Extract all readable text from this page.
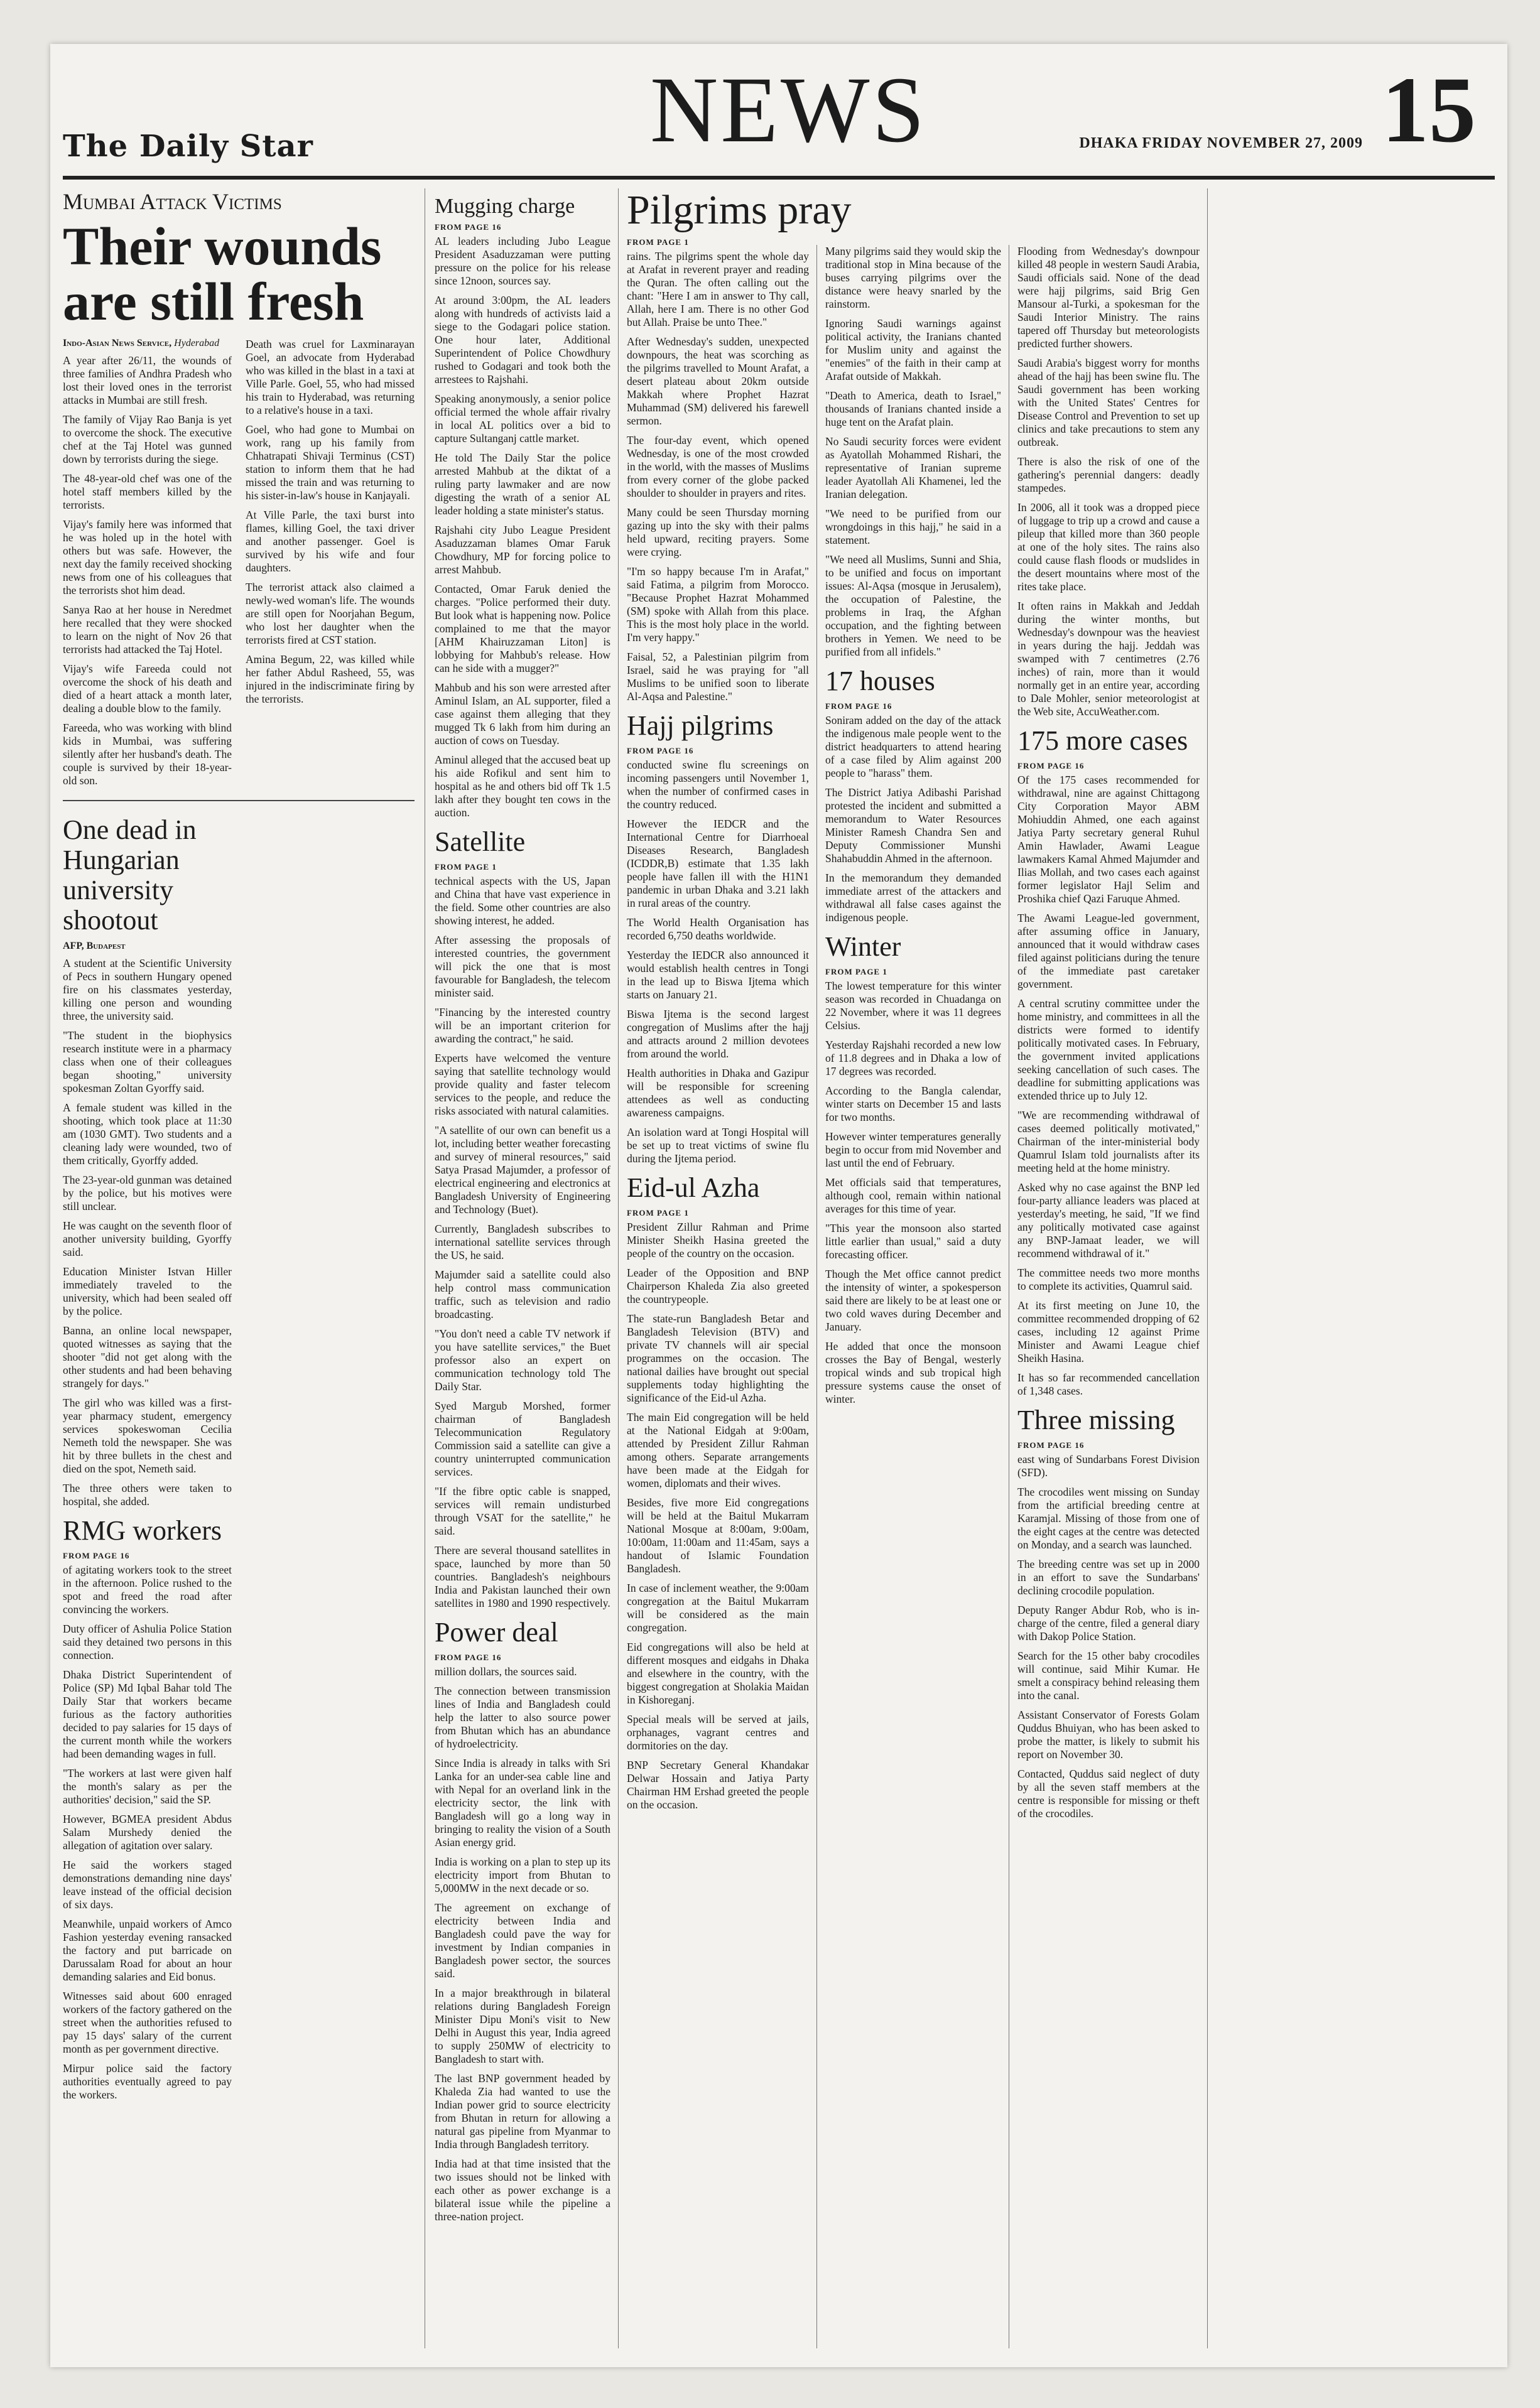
The Daily Star	NEWS	DHAKA FRIDAY NOVEMBER 27, 2009 15
Mumbai Attack Victims
Their wounds are still fresh
Indo-Asian News Service, Hyderabad

A year after 26/11, the wounds of three families of Andhra Pradesh who lost their loved ones in the terrorist attacks in Mumbai are still fresh.

The family of Vijay Rao Banja is yet to overcome the shock. The executive chef at the Taj Hotel was gunned down by terrorists during the siege.

The 48-year-old chef was one of the hotel staff members killed by the terrorists.

Vijay's family here was informed that he was holed up in the hotel with others but was safe. However, the next day the family received shocking news from one of his colleagues that the terrorists shot him dead.

Sanya Rao at her house in Neredmet here recalled that they were shocked to learn on the night of Nov 26 that terrorists had attacked the Taj Hotel.

Vijay's wife Fareeda could not overcome the shock of his death and died of a heart attack a month later, dealing a double blow to the family.

Fareeda, who was working with blind kids in Mumbai, was suffering silently after her husband's death. The couple is survived by their 18-year-old son.

Death was cruel for Laxminarayan Goel, an advocate from Hyderabad who was killed in the blast in a taxi at Ville Parle. Goel, 55, who had missed his train to Hyderabad, was returning to a relative's house in a taxi.

Goel, who had gone to Mumbai on work, rang up his family from Chhatrapati Shivaji Terminus (CST) station to inform them that he had missed the train and was returning to his sister-in-law's house in Kanjayali.

At Ville Parle, the taxi burst into flames, killing Goel, the taxi driver and another passenger. Goel is survived by his wife and four daughters.

The terrorist attack also claimed a newly-wed woman's life. The wounds are still open for Noorjahan Begum, who lost her daughter when the terrorists fired at CST station.

Amina Begum, 22, was killed while her father Abdul Rasheed, 55, was injured in the indiscriminate firing by the terrorists.

One dead in Hungarian university shootout
AFP, Budapest

A student at the Scientific University of Pecs in southern Hungary opened fire on his classmates yesterday, killing one person and wounding three, the university said.

"The student in the biophysics research institute were in a pharmacy class when one of their colleagues began shooting," university spokesman Zoltan Gyorffy said.

A female student was killed in the shooting, which took place at 11:30 am (1030 GMT). Two students and a cleaning lady were wounded, two of them critically, Gyorffy added.

The 23-year-old gunman was detained by the police, but his motives were still unclear.

He was caught on the seventh floor of another university building, Gyorffy said.

Education Minister Istvan Hiller immediately traveled to the university, which had been sealed off by the police.

Banna, an online local newspaper, quoted witnesses as saying that the shooter "did not get along with the other students and had been behaving strangely for days."

The girl who was killed was a first-year pharmacy student, emergency services spokeswoman Cecilia Nemeth told the newspaper. She was hit by three bullets in the chest and died on the spot, Nemeth said.

The three others were taken to hospital, she added.

RMG workers
FROM PAGE 16

of agitating workers took to the street in the afternoon. Police rushed to the spot and freed the road after convincing the workers.

Duty officer of Ashulia Police Station said they detained two persons in this connection.

Dhaka District Superintendent of Police (SP) Md Iqbal Bahar told The Daily Star that workers became furious as the factory authorities decided to pay salaries for 15 days of the current month while the workers had been demanding wages in full.

"The workers at last were given half the month's salary as per the authorities' decision," said the SP.

However, BGMEA president Abdus Salam Murshedy denied the allegation of agitation over salary.

He said the workers staged demonstrations demanding nine days' leave instead of the official decision of six days.

Meanwhile, unpaid workers of Amco Fashion yesterday evening ransacked the factory and put barricade on Darussalam Road for about an hour demanding salaries and Eid bonus.

Witnesses said about 600 enraged workers of the factory gathered on the street when the authorities refused to pay 15 days' salary of the current month as per government directive.

Mirpur police said the factory authorities eventually agreed to pay the workers.

Mugging charge
FROM PAGE 16

AL leaders including Jubo League President Asaduzzaman were putting pressure on the police for his release since 12noon, sources say.

At around 3:00pm, the AL leaders along with hundreds of activists laid a siege to the Godagari police station. One hour later, Additional Superintendent of Police Chowdhury rushed to Godagari and took both the arrestees to Rajshahi.

Speaking anonymously, a senior police official termed the whole affair rivalry in local AL politics over a bid to capture Sultanganj cattle market.

He told The Daily Star the police arrested Mahbub at the diktat of a ruling party lawmaker and are now digesting the wrath of a senior AL leader holding a state minister's status.

Rajshahi city Jubo League President Asaduzzaman blames Omar Faruk Chowdhury, MP for forcing police to arrest Mahbub.

Contacted, Omar Faruk denied the charges. "Police performed their duty. But look what is happening now. Police complained to me that the mayor [AHM Khairuzzaman Liton] is lobbying for Mahbub's release. How can he side with a mugger?"

Mahbub and his son were arrested after Aminul Islam, an AL supporter, filed a case against them alleging that they mugged Tk 6 lakh from him during an auction of cows on Tuesday.

Aminul alleged that the accused beat up his aide Rofikul and sent him to hospital as he and others bid off Tk 1.5 lakh after they bought ten cows in the auction.

Satellite
FROM PAGE 1

technical aspects with the US, Japan and China that have vast experience in the field. Some other countries are also showing interest, he added.

After assessing the proposals of interested countries, the government will pick the one that is most favourable for Bangladesh, the telecom minister said.

"Financing by the interested country will be an important criterion for awarding the contract," he said.

Experts have welcomed the venture saying that satellite technology would provide quality and faster telecom services to the people, and reduce the risks associated with natural calamities.

"A satellite of our own can benefit us a lot, including better weather forecasting and survey of mineral resources," said Satya Prasad Majumder, a professor of electrical engineering and electronics at Bangladesh University of Engineering and Technology (Buet).

Currently, Bangladesh subscribes to international satellite services through the US, he said.

Majumder said a satellite could also help control mass communication traffic, such as television and radio broadcasting.

"You don't need a cable TV network if you have satellite services," the Buet professor also an expert on communication technology told The Daily Star.

Syed Margub Morshed, former chairman of Bangladesh Telecommunication Regulatory Commission said a satellite can give a country uninterrupted communication services.

"If the fibre optic cable is snapped, services will remain undisturbed through VSAT for the satellite," he said.

There are several thousand satellites in space, launched by more than 50 countries. Bangladesh's neighbours India and Pakistan launched their own satellites in 1980 and 1990 respectively.

Power deal
FROM PAGE 16

million dollars, the sources said.

The connection between transmission lines of India and Bangladesh could help the latter to also source power from Bhutan which has an abundance of hydroelectricity.

Since India is already in talks with Sri Lanka for an under-sea cable line and with Nepal for an overland link in the electricity sector, the link with Bangladesh will go a long way in bringing to reality the vision of a South Asian energy grid.

India is working on a plan to step up its electricity import from Bhutan to 5,000MW in the next decade or so.

The agreement on exchange of electricity between India and Bangladesh could pave the way for investment by Indian companies in Bangladesh power sector, the sources said.

In a major breakthrough in bilateral relations during Bangladesh Foreign Minister Dipu Moni's visit to New Delhi in August this year, India agreed to supply 250MW of electricity to Bangladesh to start with.

The last BNP government headed by Khaleda Zia had wanted to use the Indian power grid to source electricity from Bhutan in return for allowing a natural gas pipeline from Myanmar to India through Bangladesh territory.

India had at that time insisted that the two issues should not be linked with each other as power exchange is a bilateral issue while the pipeline a three-nation project.

Pilgrims pray
FROM PAGE 1

rains. The pilgrims spent the whole day at Arafat in reverent prayer and reading the Quran. The often calling out the chant: "Here I am in answer to Thy call, Allah, here I am. There is no other God but Allah. Praise be unto Thee."

After Wednesday's sudden, unexpected downpours, the heat was scorching as the pilgrims travelled to Mount Arafat, a desert plateau about 20km outside Makkah where Prophet Hazrat Muhammad (SM) delivered his farewell sermon.

The four-day event, which opened Wednesday, is one of the most crowded in the world, with the masses of Muslims from every corner of the globe packed shoulder to shoulder in prayers and rites.

Many could be seen Thursday morning gazing up into the sky with their palms held upward, reciting prayers. Some were crying.

"I'm so happy because I'm in Arafat," said Fatima, a pilgrim from Morocco. "Because Prophet Hazrat Mohammed (SM) spoke with Allah from this place. This is the most holy place in the world. I'm very happy."

Faisal, 52, a Palestinian pilgrim from Israel, said he was praying for "all Muslims to be unified soon to liberate Al-Aqsa and Palestine."

Hajj pilgrims
FROM PAGE 16

conducted swine flu screenings on incoming passengers until November 1, when the number of confirmed cases in the country reduced.

However the IEDCR and the International Centre for Diarrhoeal Diseases Research, Bangladesh (ICDDR,B) estimate that 1.35 lakh people have fallen ill with the H1N1 pandemic in urban Dhaka and 3.21 lakh in rural areas of the country.

The World Health Organisation has recorded 6,750 deaths worldwide.

Yesterday the IEDCR also announced it would establish health centres in Tongi in the lead up to Biswa Ijtema which starts on January 21.

Biswa Ijtema is the second largest congregation of Muslims after the hajj and attracts around 2 million devotees from around the world.

Health authorities in Dhaka and Gazipur will be responsible for screening attendees as well as conducting awareness campaigns.

An isolation ward at Tongi Hospital will be set up to treat victims of swine flu during the Ijtema period.

Eid-ul Azha
FROM PAGE 1

President Zillur Rahman and Prime Minister Sheikh Hasina greeted the people of the country on the occasion.

Leader of the Opposition and BNP Chairperson Khaleda Zia also greeted the countrypeople.

The state-run Bangladesh Betar and Bangladesh Television (BTV) and private TV channels will air special programmes on the occasion. The national dailies have brought out special supplements today highlighting the significance of the Eid-ul Azha.

The main Eid congregation will be held at the National Eidgah at 9:00am, attended by President Zillur Rahman among others. Separate arrangements have been made at the Eidgah for women, diplomats and their wives.

Besides, five more Eid congregations will be held at the Baitul Mukarram National Mosque at 8:00am, 9:00am, 10:00am, 11:00am and 11:45am, says a handout of Islamic Foundation Bangladesh.

In case of inclement weather, the 9:00am congregation at the Baitul Mukarram will be considered as the main congregation.

Eid congregations will also be held at different mosques and eidgahs in Dhaka and elsewhere in the country, with the biggest congregation at Sholakia Maidan in Kishoreganj.

Special meals will be served at jails, orphanages, vagrant centres and dormitories on the day.

BNP Secretary General Khandakar Delwar Hossain and Jatiya Party Chairman HM Ershad greeted the people on the occasion.

Many pilgrims said they would skip the traditional stop in Mina because of the buses carrying pilgrims over the distance were heavy snarled by the rainstorm.

Ignoring Saudi warnings against political activity, the Iranians chanted for Muslim unity and against the "enemies" of the faith in their camp at Arafat outside of Makkah.

"Death to America, death to Israel," thousands of Iranians chanted inside a huge tent on the Arafat plain.

No Saudi security forces were evident as Ayatollah Mohammed Rishari, the representative of Iranian supreme leader Ayatollah Ali Khamenei, led the Iranian delegation.

"We need to be purified from our wrongdoings in this hajj," he said in a statement.

"We need all Muslims, Sunni and Shia, to be unified and focus on important issues: Al-Aqsa (mosque in Jerusalem), the occupation of Palestine, the problems in Iraq, the Afghan occupation, and the fighting between brothers in Yemen. We need to be purified from all infidels."

17 houses
FROM PAGE 16

Soniram added on the day of the attack the indigenous male people went to the district headquarters to attend hearing of a case filed by Alim against 200 people to "harass" them.

The District Jatiya Adibashi Parishad protested the incident and submitted a memorandum to Water Resources Minister Ramesh Chandra Sen and Deputy Commissioner Munshi Shahabuddin Ahmed in the afternoon.

In the memorandum they demanded immediate arrest of the attackers and withdrawal all false cases against the indigenous people.

Winter
FROM PAGE 1

The lowest temperature for this winter season was recorded in Chuadanga on 22 November, where it was 11 degrees Celsius.

Yesterday Rajshahi recorded a new low of 11.8 degrees and in Dhaka a low of 17 degrees was recorded.

According to the Bangla calendar, winter starts on December 15 and lasts for two months.

However winter temperatures generally begin to occur from mid November and last until the end of February.

Met officials said that temperatures, although cool, remain within national averages for this time of year.

"This year the monsoon also started little earlier than usual," said a duty forecasting officer.

Though the Met office cannot predict the intensity of winter, a spokesperson said there are likely to be at least one or two cold waves during December and January.

He added that once the monsoon crosses the Bay of Bengal, westerly tropical winds and sub tropical high pressure systems cause the onset of winter.

Flooding from Wednesday's downpour killed 48 people in western Saudi Arabia, Saudi officials said. None of the dead were hajj pilgrims, said Brig Gen Mansour al-Turki, a spokesman for the Saudi Interior Ministry. The rains tapered off Thursday but meteorologists predicted further showers.

Saudi Arabia's biggest worry for months ahead of the hajj has been swine flu. The Saudi government has been working with the United States' Centres for Disease Control and Prevention to set up clinics and take precautions to stem any outbreak.

There is also the risk of one of the gathering's perennial dangers: deadly stampedes.

In 2006, all it took was a dropped piece of luggage to trip up a crowd and cause a pileup that killed more than 360 people at one of the holy sites. The rains also could cause flash floods or mudslides in the desert mountains where most of the rites take place.

It often rains in Makkah and Jeddah during the winter months, but Wednesday's downpour was the heaviest in years during the hajj. Jeddah was swamped with 7 centimetres (2.76 inches) of rain, more than it would normally get in an entire year, according to Dale Mohler, senior meteorologist at the Web site, AccuWeather.com.

175 more cases
FROM PAGE 16

Of the 175 cases recommended for withdrawal, nine are against Chittagong City Corporation Mayor ABM Mohiuddin Ahmed, one each against Jatiya Party secretary general Ruhul Amin Hawlader, Awami League lawmakers Kamal Ahmed Majumder and Ilias Mollah, and two cases each against former legislator Hajl Selim and Proshika chief Qazi Faruque Ahmed.

The Awami League-led government, after assuming office in January, announced that it would withdraw cases filed against politicians during the tenure of the immediate past caretaker government.

A central scrutiny committee under the home ministry, and committees in all the districts were formed to identify politically motivated cases. In February, the government invited applications seeking cancellation of such cases. The deadline for submitting applications was extended thrice up to July 12.

"We are recommending withdrawal of cases deemed politically motivated," Chairman of the inter-ministerial body Quamrul Islam told journalists after its meeting held at the home ministry.

Asked why no case against the BNP led four-party alliance leaders was placed at yesterday's meeting, he said, "If we find any politically motivated case against any BNP-Jamaat leader, we will recommend withdrawal of it."

The committee needs two more months to complete its activities, Quamrul said.

At its first meeting on June 10, the committee recommended dropping of 62 cases, including 12 against Prime Minister and Awami League chief Sheikh Hasina.

It has so far recommended cancellation of 1,348 cases.

Three missing
FROM PAGE 16

east wing of Sundarbans Forest Division (SFD).

The crocodiles went missing on Sunday from the artificial breeding centre at Karamjal. Missing of those from one of the eight cages at the centre was detected on Monday, and a search was launched.

The breeding centre was set up in 2000 in an effort to save the Sundarbans' declining crocodile population.

Deputy Ranger Abdur Rob, who is in-charge of the centre, filed a general diary with Dakop Police Station.

Search for the 15 other baby crocodiles will continue, said Mihir Kumar. He smelt a conspiracy behind releasing them into the canal.

Assistant Conservator of Forests Golam Quddus Bhuiyan, who has been asked to probe the matter, is likely to submit his report on November 30.

Contacted, Quddus said neglect of duty by all the seven staff members at the centre is responsible for missing or theft of the crocodiles.
